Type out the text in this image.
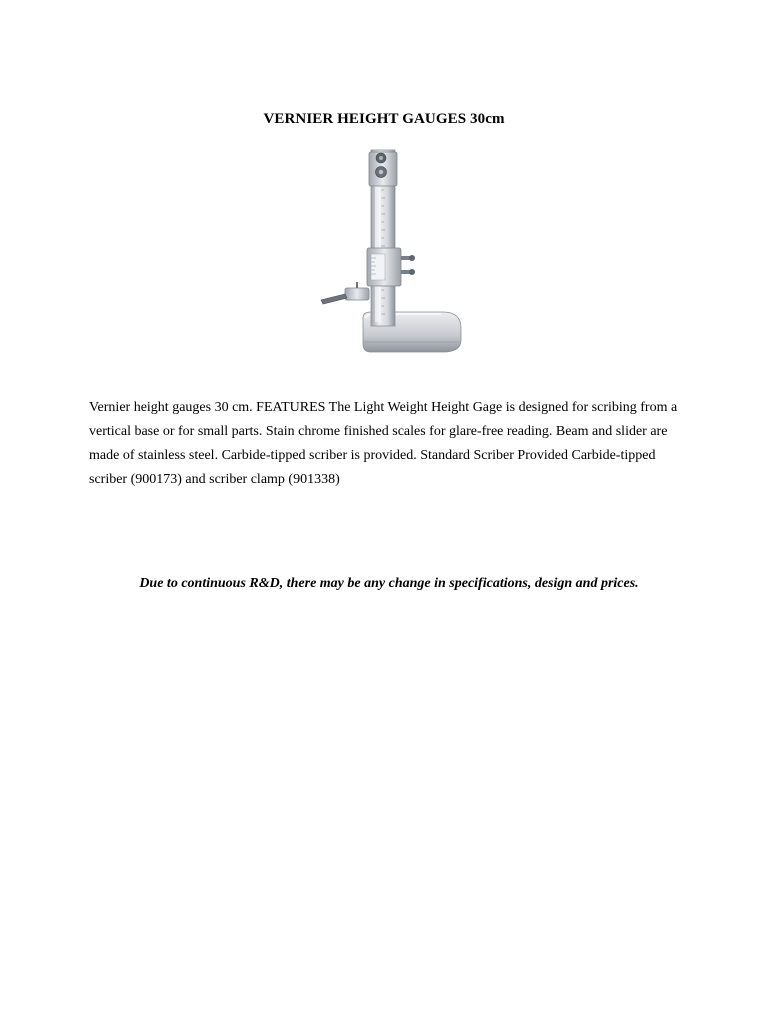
VERNIER HEIGHT GAUGES 30cm
Vernier height gauges 30 cm. FEATURES The Light Weight Height Gage is designed for scribing from a vertical base or for small parts. Stain chrome finished scales for glare-free reading. Beam and slider are made of stainless steel. Carbide-tipped scriber is provided. Standard Scriber Provided Carbide-tipped scriber (900173) and scriber clamp (901338)
Due to continuous R&D, there may be any change in specifications, design and prices.
